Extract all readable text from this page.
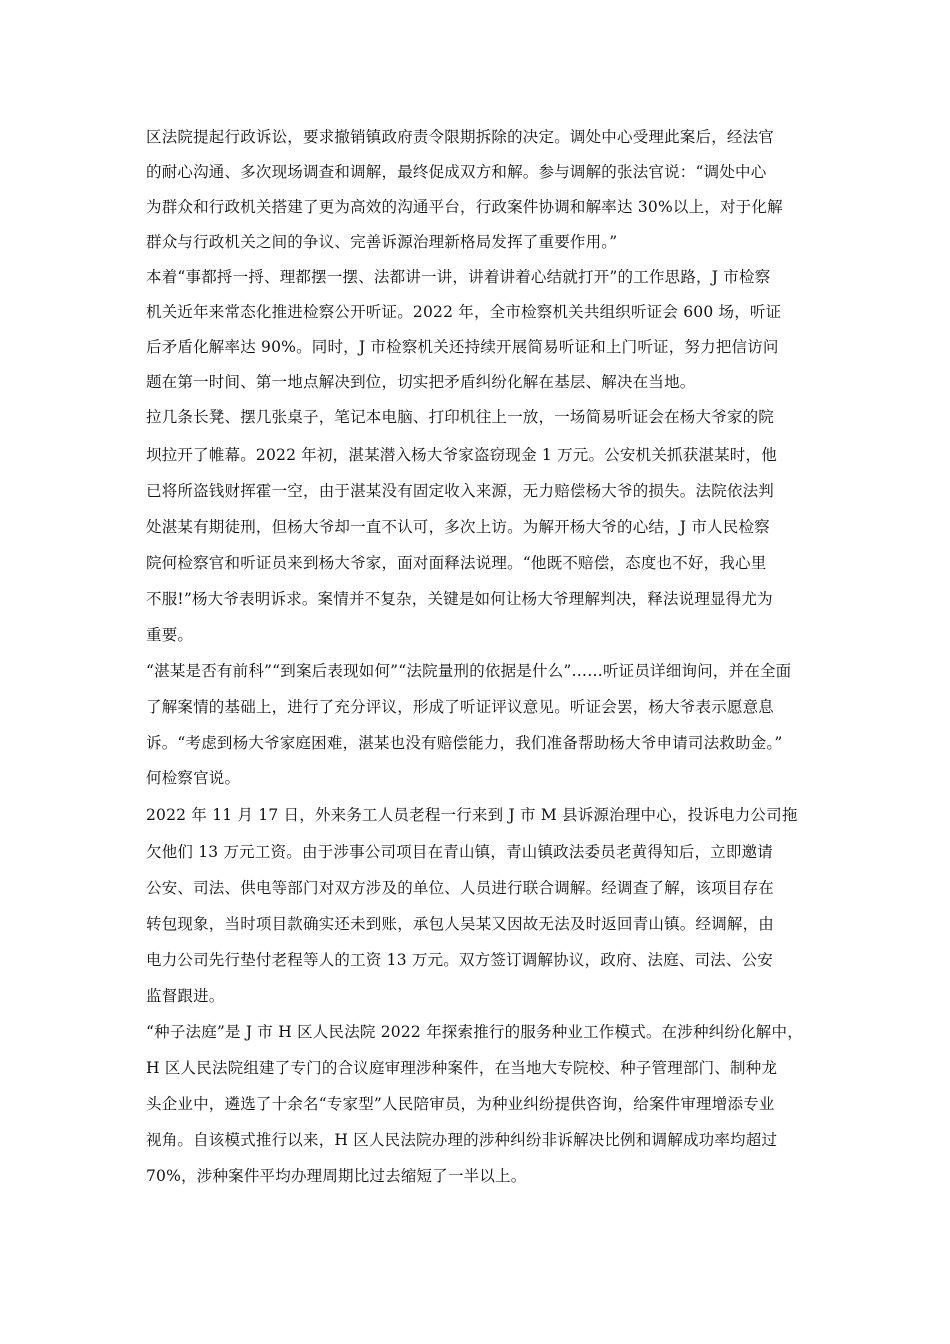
区法院提起行政诉讼，要求撤销镇政府责令限期拆除的决定。调处中心受理此案后，经法官
的耐心沟通、多次现场调查和调解，最终促成双方和解。参与调解的张法官说：“调处中心
为群众和行政机关搭建了更为高效的沟通平台，行政案件协调和解率达 30%以上，对于化解
群众与行政机关之间的争议、完善诉源治理新格局发挥了重要作用。”
本着“事都捋一捋、理都摆一摆、法都讲一讲，讲着讲着心结就打开”的工作思路，J 市检察
机关近年来常态化推进检察公开听证。2022 年，全市检察机关共组织听证会 600 场，听证
后矛盾化解率达 90%。同时，J 市检察机关还持续开展简易听证和上门听证，努力把信访问
题在第一时间、第一地点解决到位，切实把矛盾纠纷化解在基层、解决在当地。
拉几条长凳、摆几张桌子，笔记本电脑、打印机往上一放，一场简易听证会在杨大爷家的院
坝拉开了帷幕。2022 年初，湛某潜入杨大爷家盗窃现金 1 万元。公安机关抓获湛某时，他
已将所盗钱财挥霍一空，由于湛某没有固定收入来源，无力赔偿杨大爷的损失。法院依法判
处湛某有期徒刑，但杨大爷却一直不认可，多次上访。为解开杨大爷的心结，J 市人民检察
院何检察官和听证员来到杨大爷家，面对面释法说理。“他既不赔偿，态度也不好，我心里
不服!”杨大爷表明诉求。案情并不复杂，关键是如何让杨大爷理解判决，释法说理显得尤为
重要。
“湛某是否有前科”“到案后表现如何”“法院量刑的依据是什么”……听证员详细询问，并在全面
了解案情的基础上，进行了充分评议，形成了听证评议意见。听证会罢，杨大爷表示愿意息
诉。“考虑到杨大爷家庭困难，湛某也没有赔偿能力，我们准备帮助杨大爷申请司法救助金。”
何检察官说。
2022 年 11 月 17 日，外来务工人员老程一行来到 J 市 M 县诉源治理中心，投诉电力公司拖
欠他们 13 万元工资。由于涉事公司项目在青山镇，青山镇政法委员老黄得知后，立即邀请
公安、司法、供电等部门对双方涉及的单位、人员进行联合调解。经调查了解，该项目存在
转包现象，当时项目款确实还未到账，承包人吴某又因故无法及时返回青山镇。经调解，由
电力公司先行垫付老程等人的工资 13 万元。双方签订调解协议，政府、法庭、司法、公安
监督跟进。
“种子法庭”是 J 市 H 区人民法院 2022 年探索推行的服务种业工作模式。在涉种纠纷化解中，
H 区人民法院组建了专门的合议庭审理涉种案件，在当地大专院校、种子管理部门、制种龙
头企业中，遴选了十余名“专家型”人民陪审员，为种业纠纷提供咨询，给案件审理增添专业
视角。自该模式推行以来，H 区人民法院办理的涉种纠纷非诉解决比例和调解成功率均超过
70%，涉种案件平均办理周期比过去缩短了一半以上。
